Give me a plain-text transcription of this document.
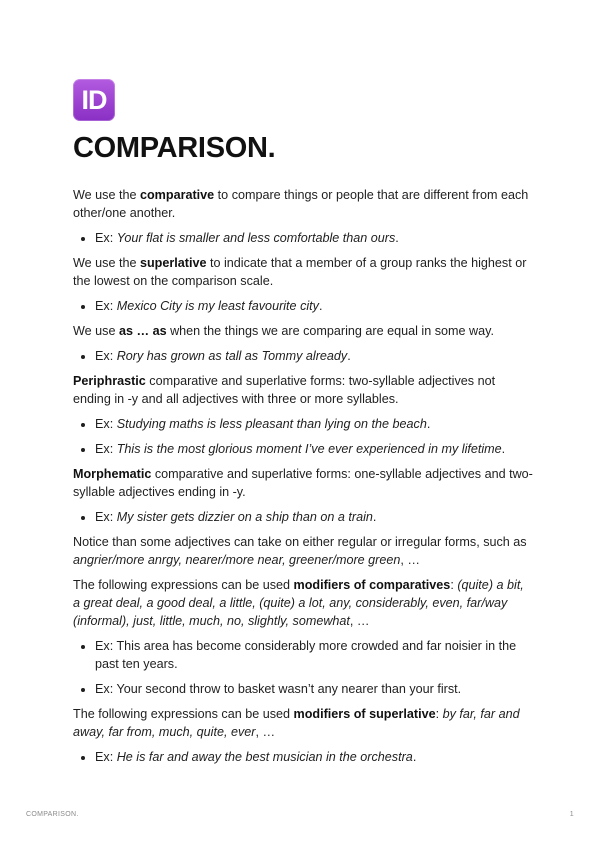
ID
COMPARISON.

We use the comparative to compare things or people that are different from each other/one another.

• Ex: Your flat is smaller and less comfortable than ours.

We use the superlative to indicate that a member of a group ranks the highest or the lowest on the comparison scale.

• Ex: Mexico City is my least favourite city.

We use as … as when the things we are comparing are equal in some way.

• Ex: Rory has grown as tall as Tommy already.

Periphrastic comparative and superlative forms: two-syllable adjectives not ending in -y and all adjectives with three or more syllables.

• Ex: Studying maths is less pleasant than lying on the beach.
• Ex: This is the most glorious moment I’ve ever experienced in my lifetime.

Morphematic comparative and superlative forms: one-syllable adjectives and two-syllable adjectives ending in -y.

• Ex: My sister gets dizzier on a ship than on a train.

Notice than some adjectives can take on either regular or irregular forms, such as angrier/more anrgy, nearer/more near, greener/more green, …

The following expressions can be used modifiers of comparatives: (quite) a bit, a great deal, a good deal, a little, (quite) a lot, any, considerably, even, far/way (informal), just, little, much, no, slightly, somewhat, …

• Ex: This area has become considerably more crowded and far noisier in the past ten years.
• Ex: Your second throw to basket wasn’t any nearer than your first.

The following expressions can be used modifiers of superlative: by far, far and away, far from, much, quite, ever, …

• Ex: He is far and away the best musician in the orchestra.
COMPARISON.	1
